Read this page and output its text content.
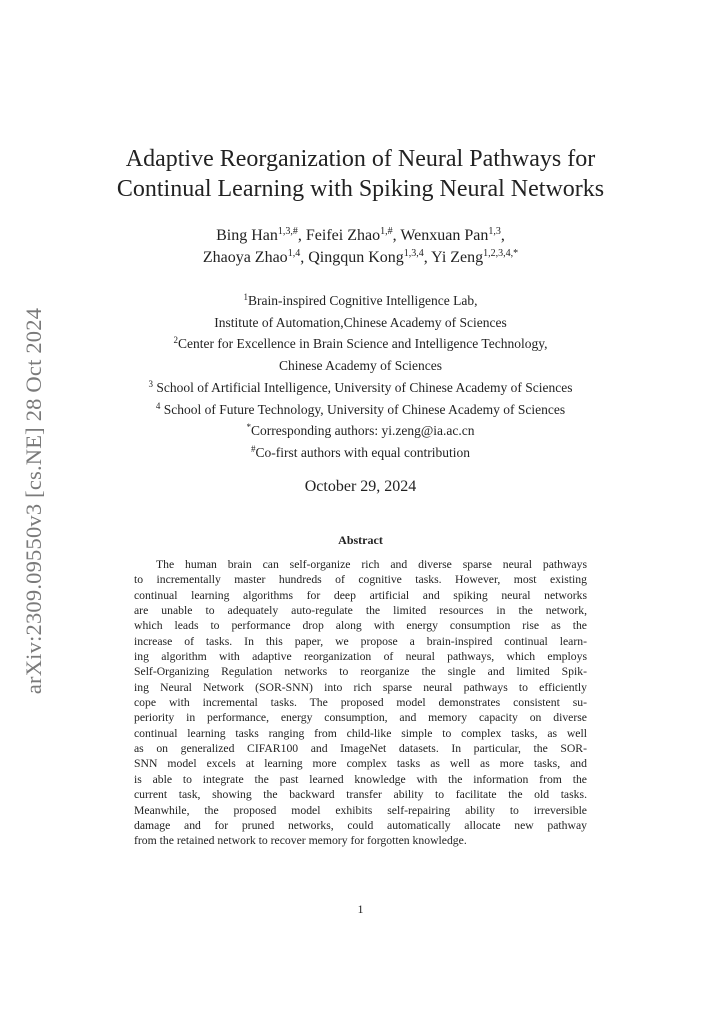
arXiv:2309.09550v3 [cs.NE] 28 Oct 2024
Adaptive Reorganization of Neural Pathways for
Continual Learning with Spiking Neural Networks
Bing Han$^{1,3,\#}$, Feifei Zhao$^{1,\#}$, Wenxuan Pan$^{1,3}$,
Zhaoya Zhao$^{1,4}$, Qingqun Kong$^{1,3,4}$, Yi Zeng$^{1,2,3,4,*}$
$^1$Brain-inspired Cognitive Intelligence Lab,
Institute of Automation,Chinese Academy of Sciences
$^2$Center for Excellence in Brain Science and Intelligence Technology,
Chinese Academy of Sciences
$^3$ School of Artificial Intelligence, University of Chinese Academy of Sciences
$^4$ School of Future Technology, University of Chinese Academy of Sciences
*Corresponding authors: yi.zeng@ia.ac.cn
#Co-first authors with equal contribution
October 29, 2024
Abstract
The human brain can self-organize rich and diverse sparse neural pathways
to incrementally master hundreds of cognitive tasks. However, most existing
continual learning algorithms for deep artificial and spiking neural networks
are unable to adequately auto-regulate the limited resources in the network,
which leads to performance drop along with energy consumption rise as the
increase of tasks. In this paper, we propose a brain-inspired continual learn-
ing algorithm with adaptive reorganization of neural pathways, which employs
Self-Organizing Regulation networks to reorganize the single and limited Spik-
ing Neural Network (SOR-SNN) into rich sparse neural pathways to efficiently
cope with incremental tasks. The proposed model demonstrates consistent su-
periority in performance, energy consumption, and memory capacity on diverse
continual learning tasks ranging from child-like simple to complex tasks, as well
as on generalized CIFAR100 and ImageNet datasets. In particular, the SOR-
SNN model excels at learning more complex tasks as well as more tasks, and
is able to integrate the past learned knowledge with the information from the
current task, showing the backward transfer ability to facilitate the old tasks.
Meanwhile, the proposed model exhibits self-repairing ability to irreversible
damage and for pruned networks, could automatically allocate new pathway
from the retained network to recover memory for forgotten knowledge.
1
